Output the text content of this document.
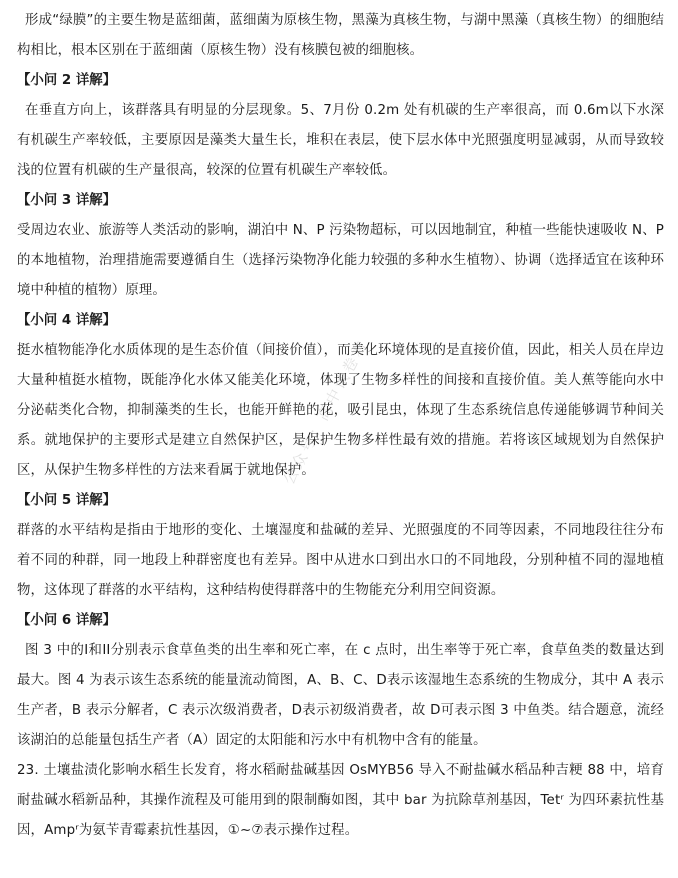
形成“绿膜”的主要生物是蓝细菌，蓝细菌为原核生物，黑藻为真核生物，与湖中黑藻（真核生物）的细胞结构相比，根本区别在于蓝细菌（原核生物）没有核膜包被的细胞核。

【小问 2 详解】

在垂直方向上，该群落具有明显的分层现象。5、7月份 0.2m 处有机碳的生产率很高，而 0.6m以下水深有机碳生产率较低，主要原因是藻类大量生长，堆积在表层，使下层水体中光照强度明显减弱，从而导致较浅的位置有机碳的生产量很高，较深的位置有机碳生产率较低。

【小问 3 详解】

受周边农业、旅游等人类活动的影响，湖泊中 N、P 污染物超标，可以因地制宜，种植一些能快速吸收 N、P 的本地植物，治理措施需要遵循自生（选择污染物净化能力较强的多种水生植物）、协调（选择适宜在该种环境中种植的植物）原理。

【小问 4 详解】

挺水植物能净化水质体现的是生态价值（间接价值），而美化环境体现的是直接价值，因此，相关人员在岸边大量种植挺水植物，既能净化水体又能美化环境，体现了生物多样性的间接和直接价值。美人蕉等能向水中分泌萜类化合物，抑制藻类的生长，也能开鲜艳的花，吸引昆虫，体现了生态系统信息传递能够调节种间关系。就地保护的主要形式是建立自然保护区，是保护生物多样性最有效的措施。若将该区域规划为自然保护区，从保护生物多样性的方法来看属于就地保护。

【小问 5 详解】

群落的水平结构是指由于地形的变化、土壤湿度和盐碱的差异、光照强度的不同等因素，不同地段往往分布着不同的种群，同一地段上种群密度也有差异。图中从进水口到出水口的不同地段，分别种植不同的湿地植物，这体现了群落的水平结构，这种结构使得群落中的生物能充分利用空间资源。

【小问 6 详解】

图 3 中的I和II分别表示食草鱼类的出生率和死亡率，在 c 点时，出生率等于死亡率，食草鱼类的数量达到最大。图 4 为表示该生态系统的能量流动简图，A、B、C、D表示该湿地生态系统的生物成分，其中 A 表示生产者，B 表示分解者，C 表示次级消费者，D表示初级消费者，故 D可表示图 3 中鱼类。结合题意，流经该湖泊的总能量包括生产者（A）固定的太阳能和污水中有机物中含有的能量。

23. 土壤盐渍化影响水稻生长发育，将水稻耐盐碱基因 OsMYB56 导入不耐盐碱水稻品种吉粳 88 中，培育耐盐碱水稻新品种，其操作流程及可能用到的限制酶如图，其中 bar 为抗除草剂基因，Tetʳ 为四环素抗性基因，Ampʳ为氨苄青霉素抗性基因，①~⑦表示操作过程。

公众号：高中试卷君
